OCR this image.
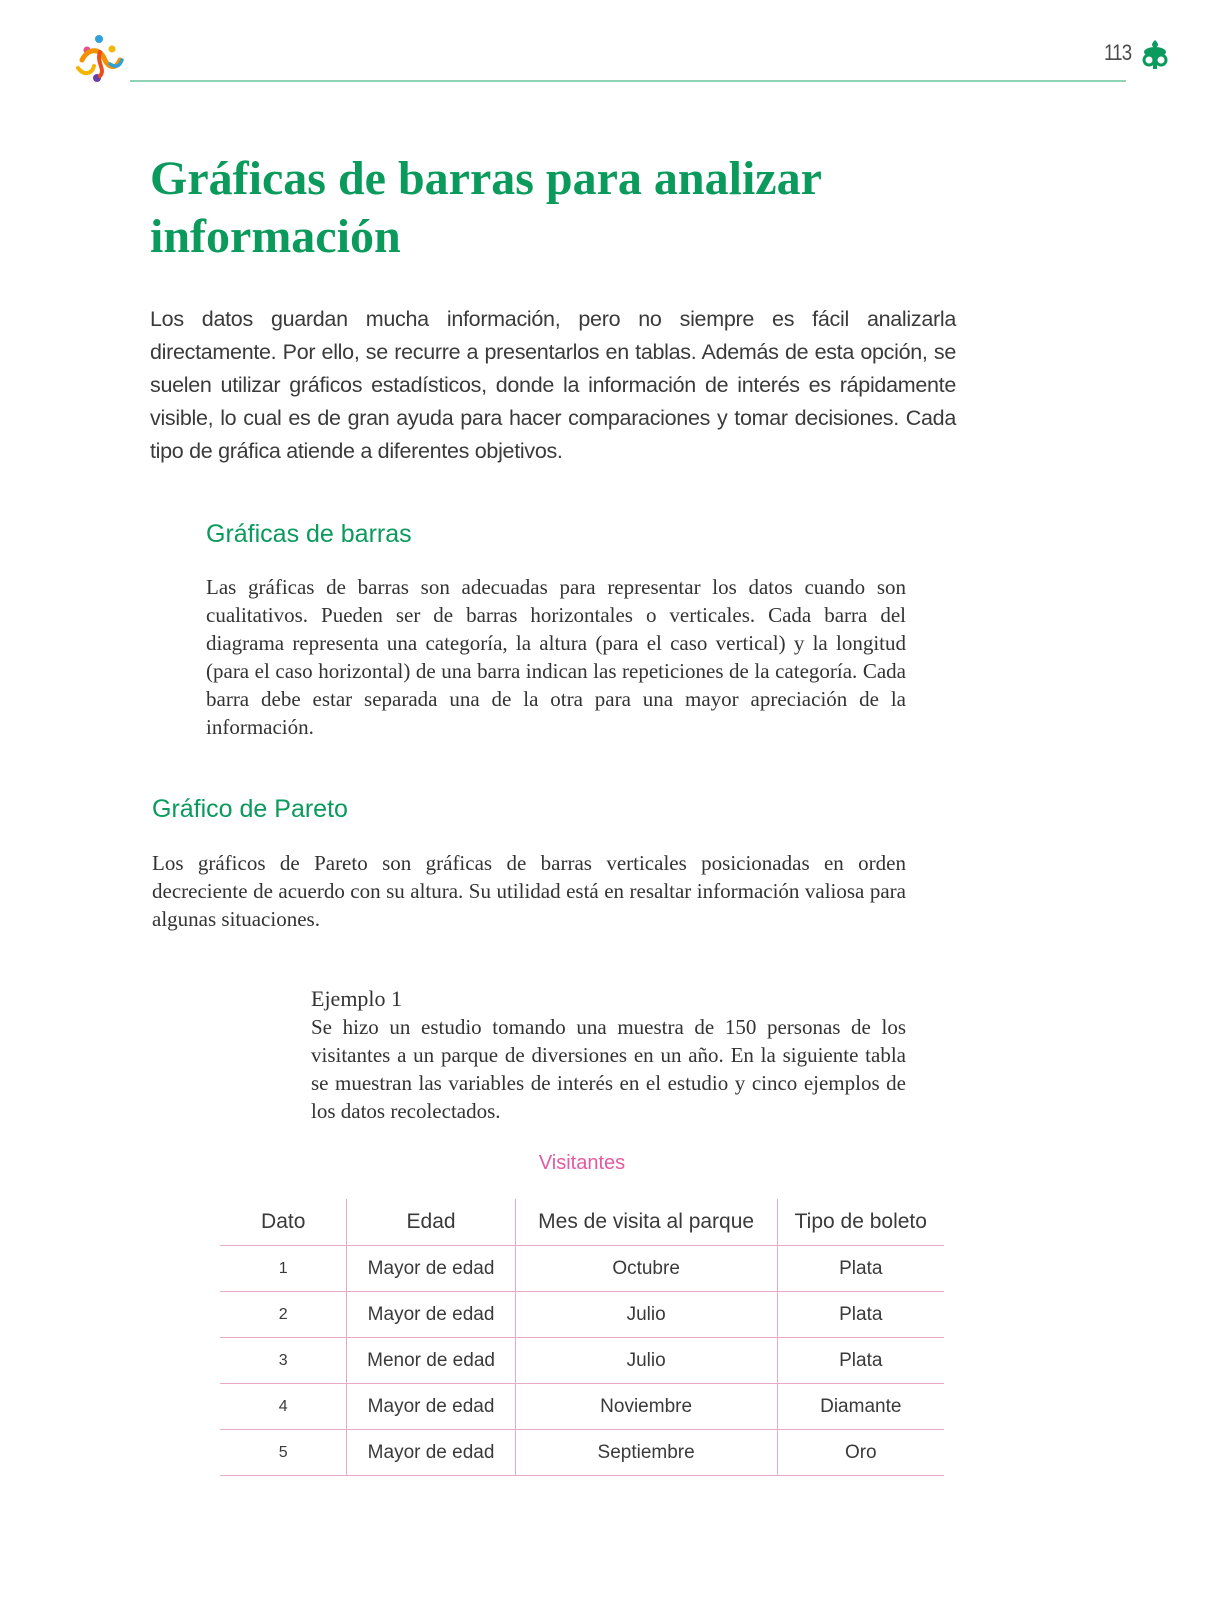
113
Gráficas de barras para analizar
información

Los datos guardan mucha información, pero no siempre es fácil analizarla directamente. Por ello, se recurre a presentarlos en tablas. Además de esta opción, se suelen utilizar gráficos estadísticos, donde la información de interés es rápidamente visible, lo cual es de gran ayuda para hacer comparaciones y tomar decisiones. Cada tipo de gráfica atiende a diferentes objetivos.

Gráficas de barras

Las gráficas de barras son adecuadas para representar los datos cuando son cualitativos. Pueden ser de barras horizontales o verticales. Cada barra del diagrama representa una categoría, la altura (para el caso vertical) y la longitud (para el caso horizontal) de una barra indican las repeticiones de la categoría. Cada barra debe estar separada una de la otra para una mayor apreciación de la información.

Gráfico de Pareto

Los gráficos de Pareto son gráficas de barras verticales posicionadas en orden decreciente de acuerdo con su altura. Su utilidad está en resaltar información valiosa para algunas situaciones.

Ejemplo 1

Se hizo un estudio tomando una muestra de 150 personas de los visitantes a un parque de diversiones en un año. En la siguiente tabla se muestran las variables de interés en el estudio y cinco ejemplos de los datos recolectados.

Visitantes
Dato	Edad	Mes de visita al parque	Tipo de boleto
1	Mayor de edad	Octubre	Plata
2	Mayor de edad	Julio	Plata
3	Menor de edad	Julio	Plata
4	Mayor de edad	Noviembre	Diamante
5	Mayor de edad	Septiembre	Oro
